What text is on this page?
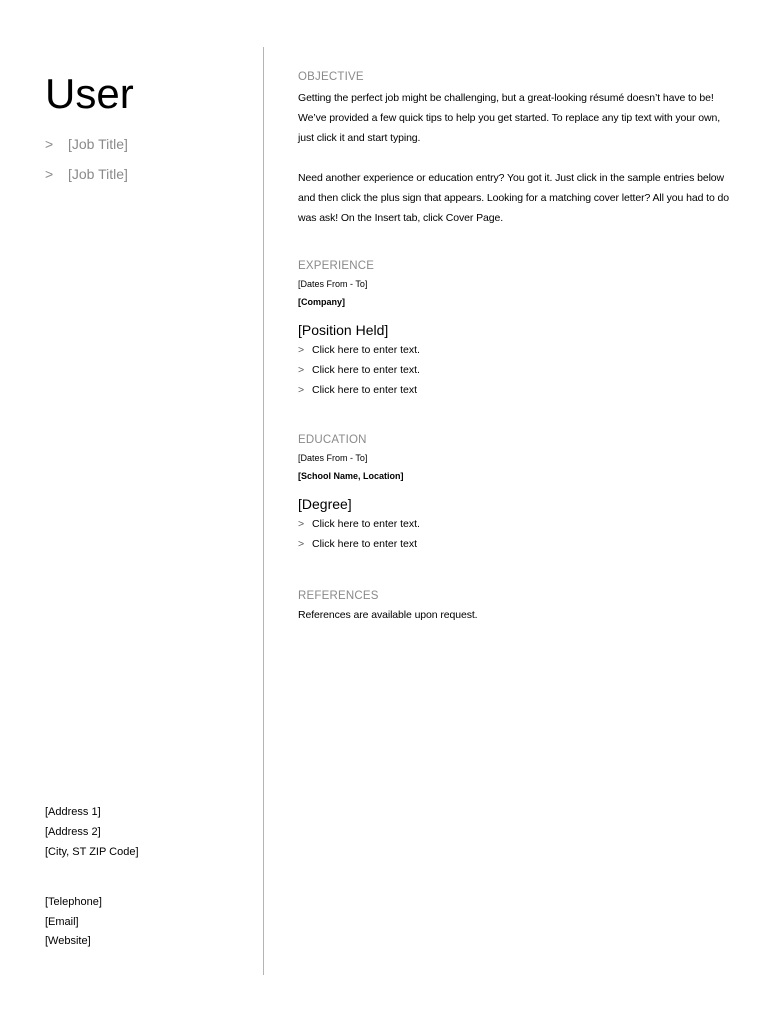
User
>	[Job Title]
>	[Job Title]
[Address 1]
[Address 2]
[City, ST ZIP Code]
[Telephone]
[Email]
[Website]
OBJECTIVE

Getting the perfect job might be challenging, but a great-looking résumé doesn’t have to be! We’ve provided a few quick tips to help you get started. To replace any tip text with your own, just click it and start typing.

Need another experience or education entry? You got it. Just click in the sample entries below and then click the plus sign that appears. Looking for a matching cover letter? All you had to do was ask! On the Insert tab, click Cover Page.

EXPERIENCE
[Dates From - To]
[Company]
[Position Held]
> Click here to enter text.
> Click here to enter text.
> Click here to enter text
EDUCATION
[Dates From - To]
[School Name, Location]
[Degree]
> Click here to enter text.
> Click here to enter text
REFERENCES

References are available upon request.
